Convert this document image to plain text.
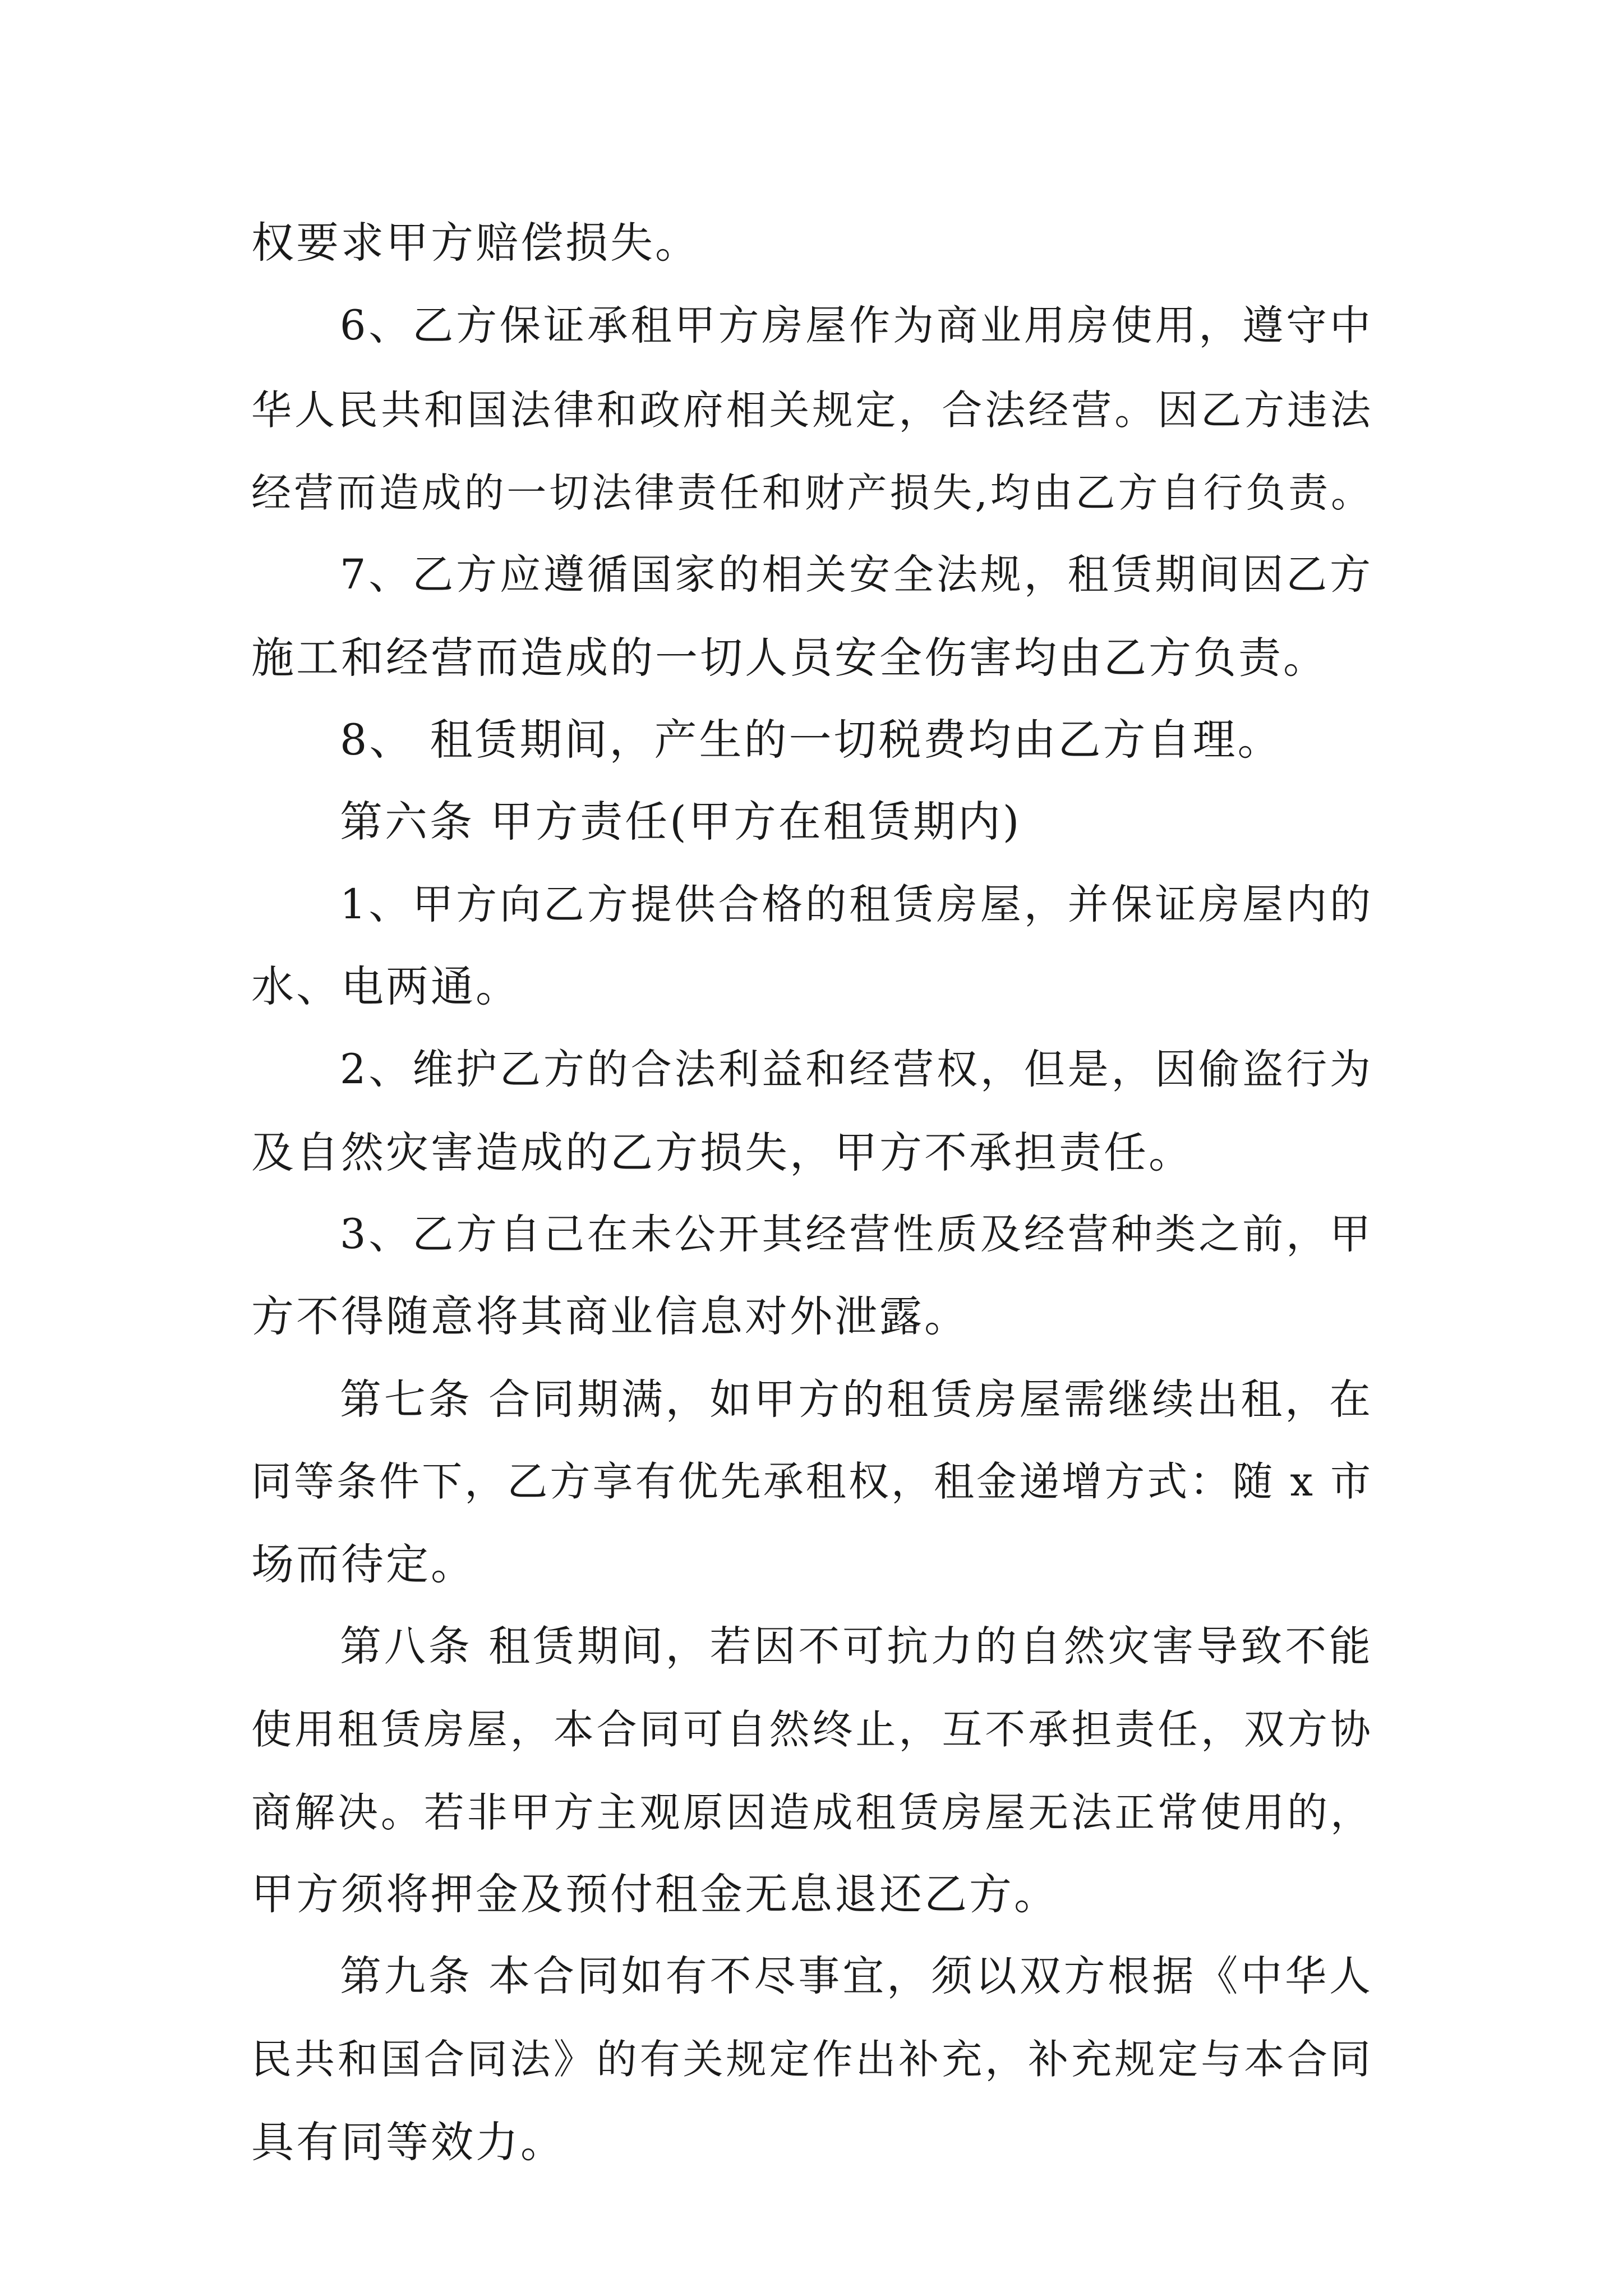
权要求甲方赔偿损失。
6、乙方保证承租甲方房屋作为商业用房使用，遵守中
华人民共和国法律和政府相关规定，合法经营。因乙方违法
经营而造成的一切法律责任和财产损失,均由乙方自行负责。
7、乙方应遵循国家的相关安全法规，租赁期间因乙方
施工和经营而造成的一切人员安全伤害均由乙方负责。
8、 租赁期间，产生的一切税费均由乙方自理。
第六条 甲方责任(甲方在租赁期内)
1、甲方向乙方提供合格的租赁房屋，并保证房屋内的
水、电两通。
2、维护乙方的合法利益和经营权，但是，因偷盗行为
及自然灾害造成的乙方损失，甲方不承担责任。
3、乙方自己在未公开其经营性质及经营种类之前，甲
方不得随意将其商业信息对外泄露。
第七条 合同期满，如甲方的租赁房屋需继续出租，在
同等条件下，乙方享有优先承租权，租金递增方式：随 x 市
场而待定。
第八条 租赁期间，若因不可抗力的自然灾害导致不能
使用租赁房屋，本合同可自然终止，互不承担责任，双方协
商解决。若非甲方主观原因造成租赁房屋无法正常使用的，
甲方须将押金及预付租金无息退还乙方。
第九条 本合同如有不尽事宜，须以双方根据《中华人
民共和国合同法》的有关规定作出补充，补充规定与本合同
具有同等效力。
